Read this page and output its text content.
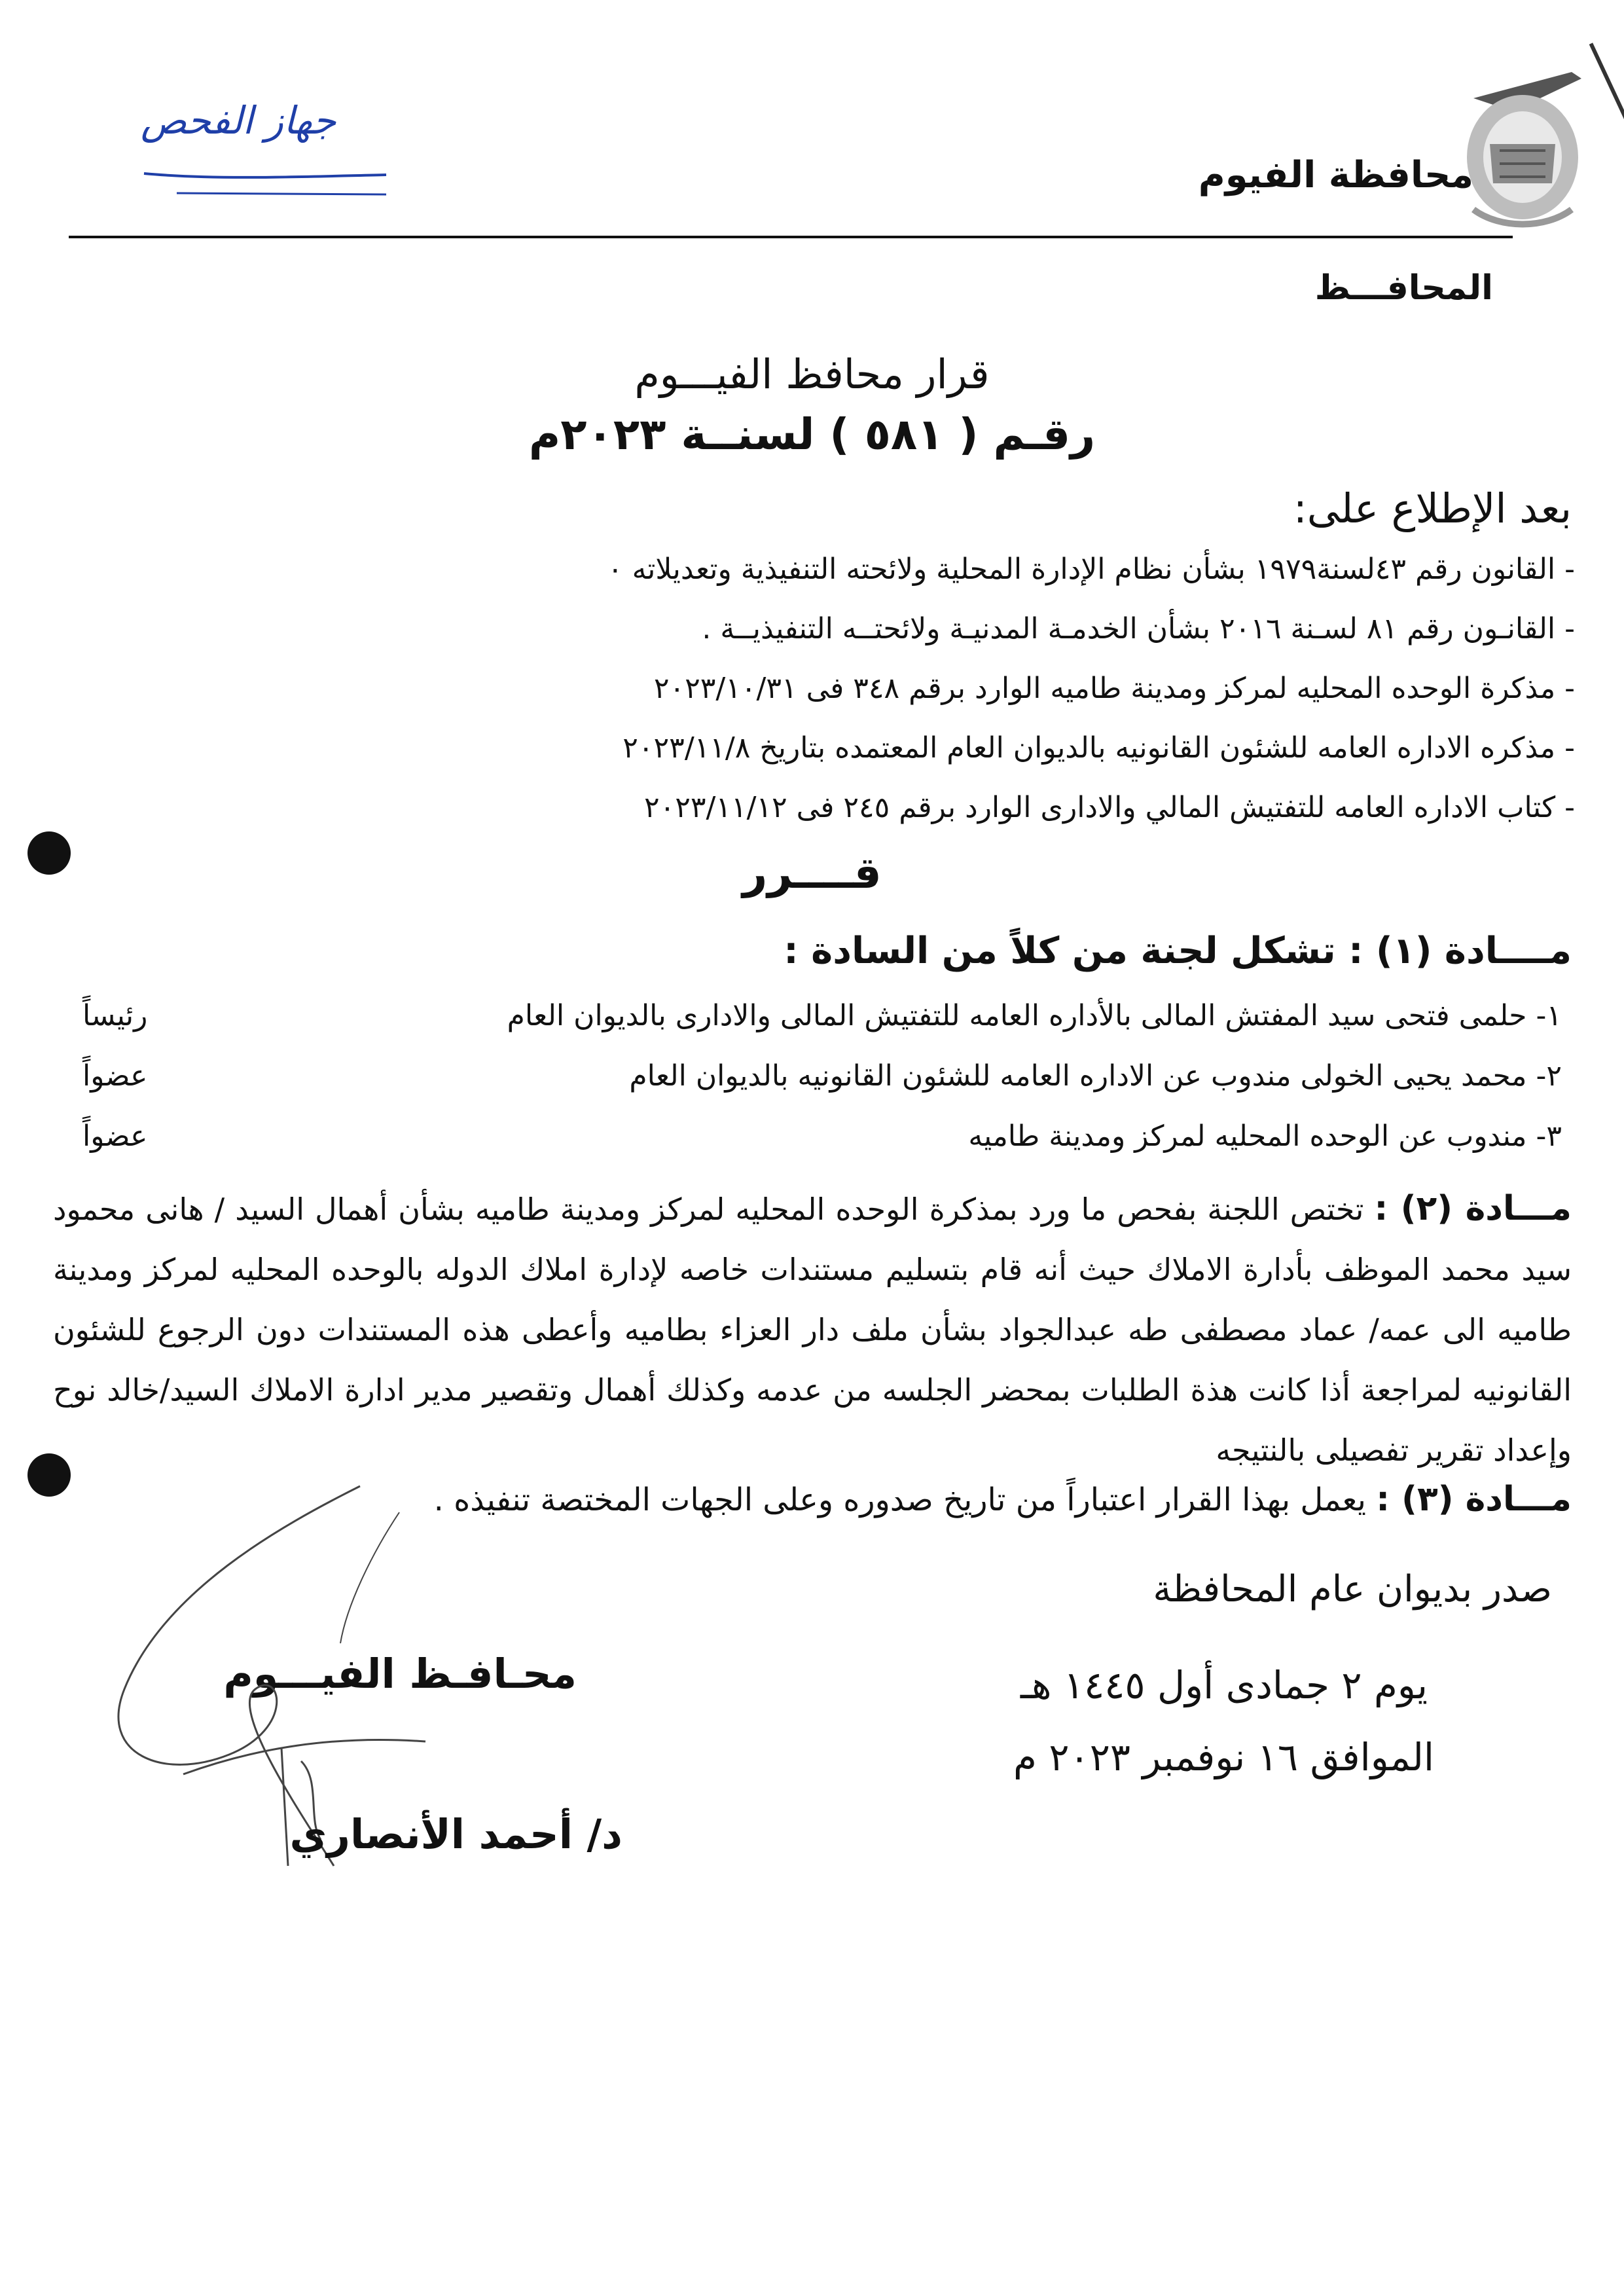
جهاز الفحص
محافظة الفيوم
المحافـــظ
قرار محافظ الفيـــوم
رقـم ( ٥٨١ ) لسنــة ٢٠٢٣م
بعد الإطلاع على:
- القانون رقم ٤٣لسنة١٩٧٩ بشأن نظام الإدارة المحلية ولائحته التنفيذية وتعديلاته ٠
- القانـون رقم ٨١ لسـنة ٢٠١٦ بشأن الخدمـة المدنيـة ولائحتــه التنفيذيــة .
- مذكرة الوحده المحليه لمركز ومدينة طاميه الوارد برقم ٣٤٨ فى ٢٠٢٣/١٠/٣١
- مذكره الاداره العامه للشئون القانونيه بالديوان العام المعتمده بتاريخ ٢٠٢٣/١١/٨
- كتاب الاداره العامه للتفتيش المالي والادارى الوارد برقم ٢٤٥ فى ٢٠٢٣/١١/١٢
قــــرر
مــــادة (١) : تشكل لجنة من كلاً من السادة :
١- حلمى فتحى سيد المفتش المالى بالأداره العامه للتفتيش المالى والادارى بالديوان العام
رئيساً
٢- محمد يحيى الخولى مندوب عن الاداره العامه للشئون القانونيه بالديوان العام
عضواً
٣- مندوب عن الوحده المحليه لمركز ومدينة طاميه
عضواً
مـــادة (٢) : تختص اللجنة بفحص ما ورد بمذكرة الوحده المحليه لمركز ومدينة طاميه بشأن أهمال السيد / هانى محمود سيد محمد الموظف بأدارة الاملاك حيث أنه قام بتسليم مستندات خاصه لإدارة املاك الدوله بالوحده المحليه لمركز ومدينة طاميه الى عمه/ عماد مصطفى طه عبدالجواد بشأن ملف دار العزاء بطاميه وأعطى هذه المستندات دون الرجوع للشئون القانونيه لمراجعة أذا كانت هذة الطلبات بمحضر الجلسه من عدمه وكذلك أهمال وتقصير مدير ادارة الاملاك السيد/خالد نوح وإعداد تقرير تفصيلى بالنتيجه
مـــادة (٣) : يعمل بهذا القرار اعتباراً من تاريخ صدوره وعلى الجهات المختصة تنفيذه .
صدر بديوان عام المحافظة
محـافـظ الفيـــوم
د/ أحمد الأنصاري
يوم ٢ جمادى أول ١٤٤٥ هـ
الموافق ١٦ نوفمبر ٢٠٢٣ م
